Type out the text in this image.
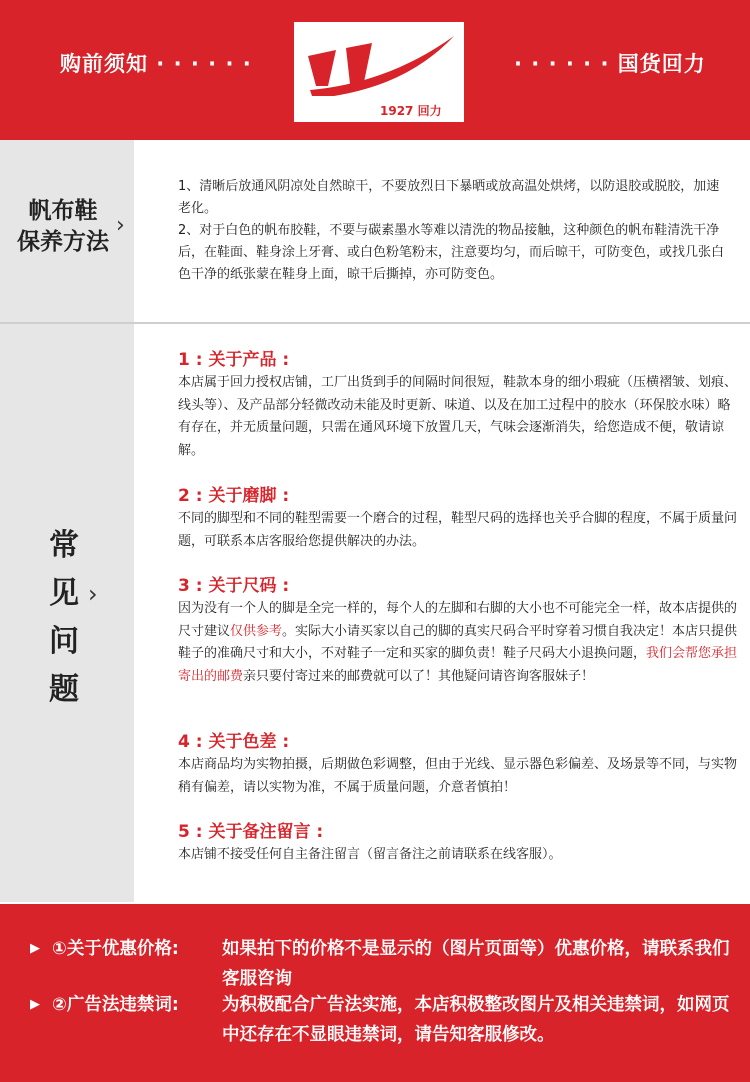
购前须知 · · · · · ·
1927 回力
· · · · · · 国货回力
帆布鞋
保养方法
›

1、清晰后放通风阴凉处自然晾干，不要放烈日下暴晒或放高温处烘烤，以防退胶或脱胶，加速老化。

2、对于白色的帆布胶鞋，不要与碳素墨水等难以清洗的物品接触，这种颜色的帆布鞋清洗干净后，在鞋面、鞋身涂上牙膏、或白色粉笔粉末，注意要均匀，而后晾干，可防变色，或找几张白色干净的纸张蒙在鞋身上面，晾干后撕掉，亦可防变色。

常
见
问
题
›
1 : 关于产品 :

本店属于回力授权店铺，工厂出货到手的间隔时间很短，鞋款本身的细小瑕疵（压横褶皱、划痕、线头等）、及产品部分轻微改动未能及时更新、味道、以及在加工过程中的胶水（环保胶水味）略有存在，并无质量问题，只需在通风环境下放置几天，气味会逐渐消失，给您造成不便，敬请谅解。

2 : 关于磨脚 :

不同的脚型和不同的鞋型需要一个磨合的过程，鞋型尺码的选择也关乎合脚的程度，不属于质量问题，可联系本店客服给您提供解决的办法。

3 : 关于尺码 :

因为没有一个人的脚是全完一样的，每个人的左脚和右脚的大小也不可能完全一样，故本店提供的尺寸建议仅供参考。实际大小请买家以自己的脚的真实尺码合平时穿着习惯自我决定！本店只提供鞋子的准确尺寸和大小，不对鞋子一定和买家的脚负责！鞋子尺码大小退换问题，我们会帮您承担寄出的邮费亲只要付寄过来的邮费就可以了！其他疑问请咨询客服妹子！

4 : 关于色差 :

本店商品均为实物拍摄，后期做色彩调整，但由于光线、显示器色彩偏差、及场景等不同，与实物稍有偏差，请以实物为准，不属于质量问题，介意者慎拍！

5 : 关于备注留言 :

本店铺不接受任何自主备注留言（留言备注之前请联系在线客服）。

▶ ①关于优惠价格: 如果拍下的价格不是显示的（图片页面等）优惠价格，请联系我们客服咨询
▶ ②广告法违禁词: 为积极配合广告法实施，本店积极整改图片及相关违禁词，如网页中还存在不显眼违禁词，请告知客服修改。
